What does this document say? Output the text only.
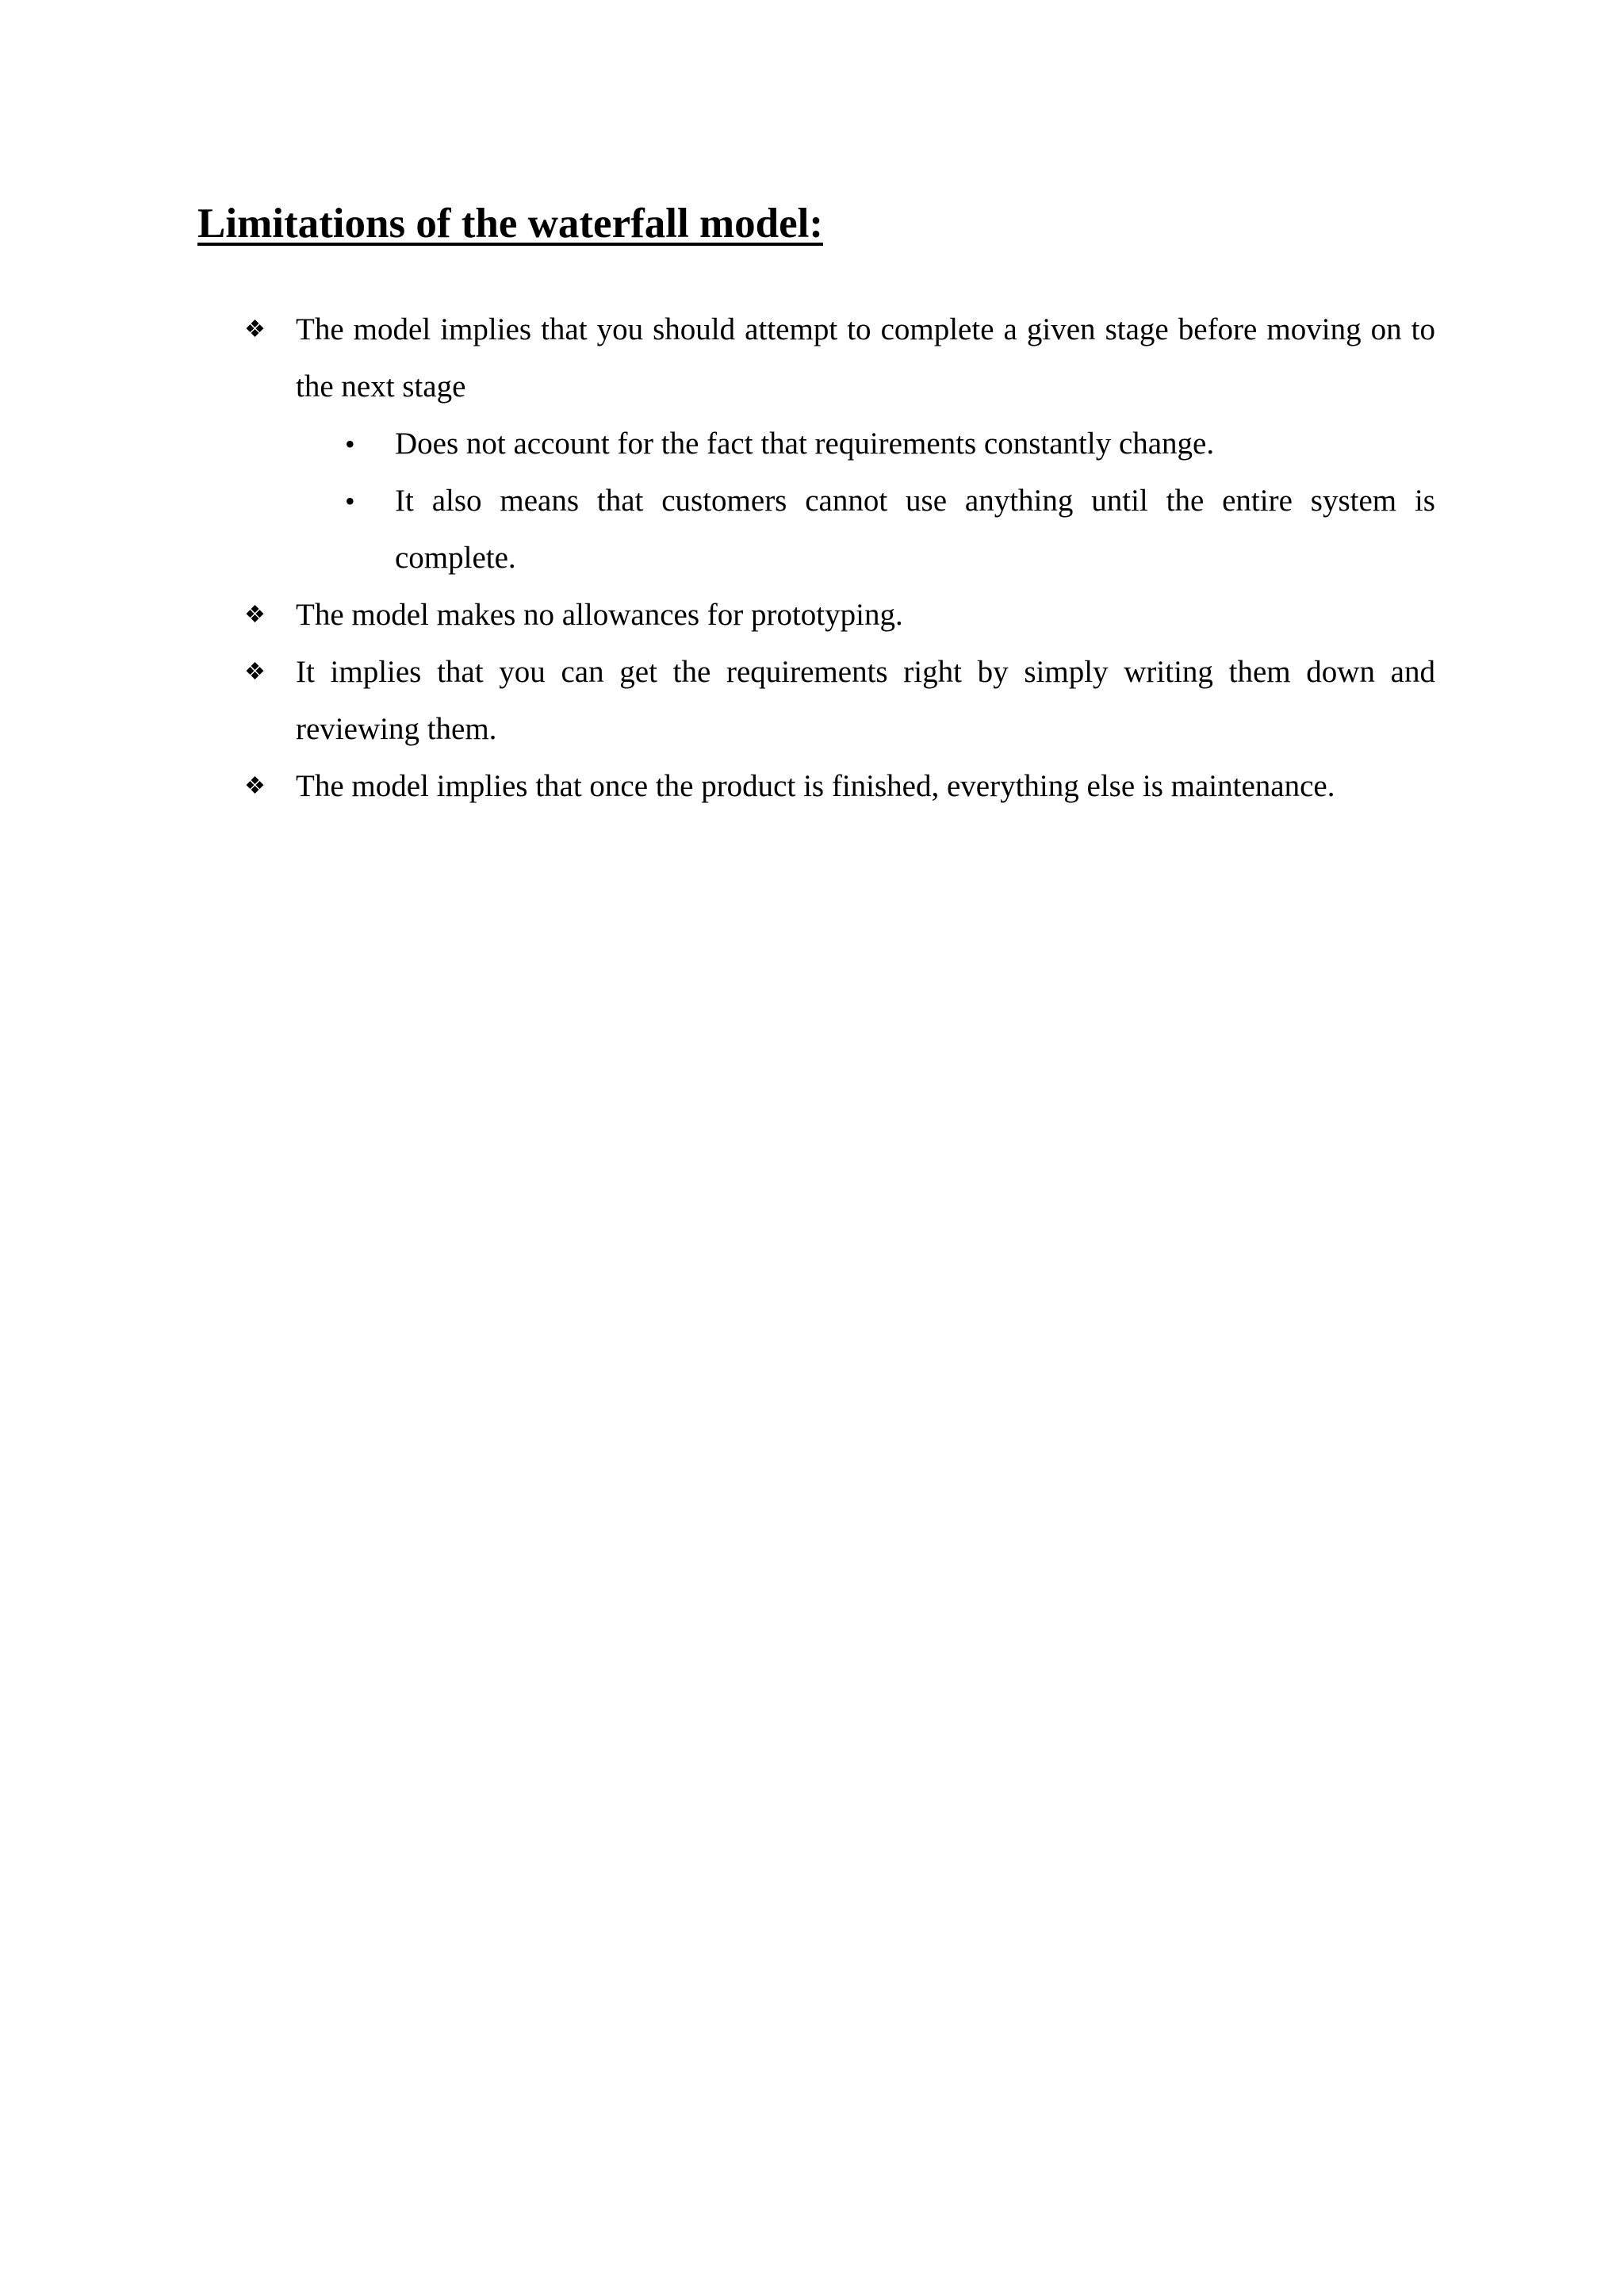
Limitations of the waterfall model:
❖ The model implies that you should attempt to complete a given stage before moving on to the next stage
• Does not account for the fact that requirements constantly change.
• It also means that customers cannot use anything until the entire system is complete.
❖ The model makes no allowances for prototyping.
❖ It implies that you can get the requirements right by simply writing them down and reviewing them.
❖ The model implies that once the product is finished, everything else is maintenance.
